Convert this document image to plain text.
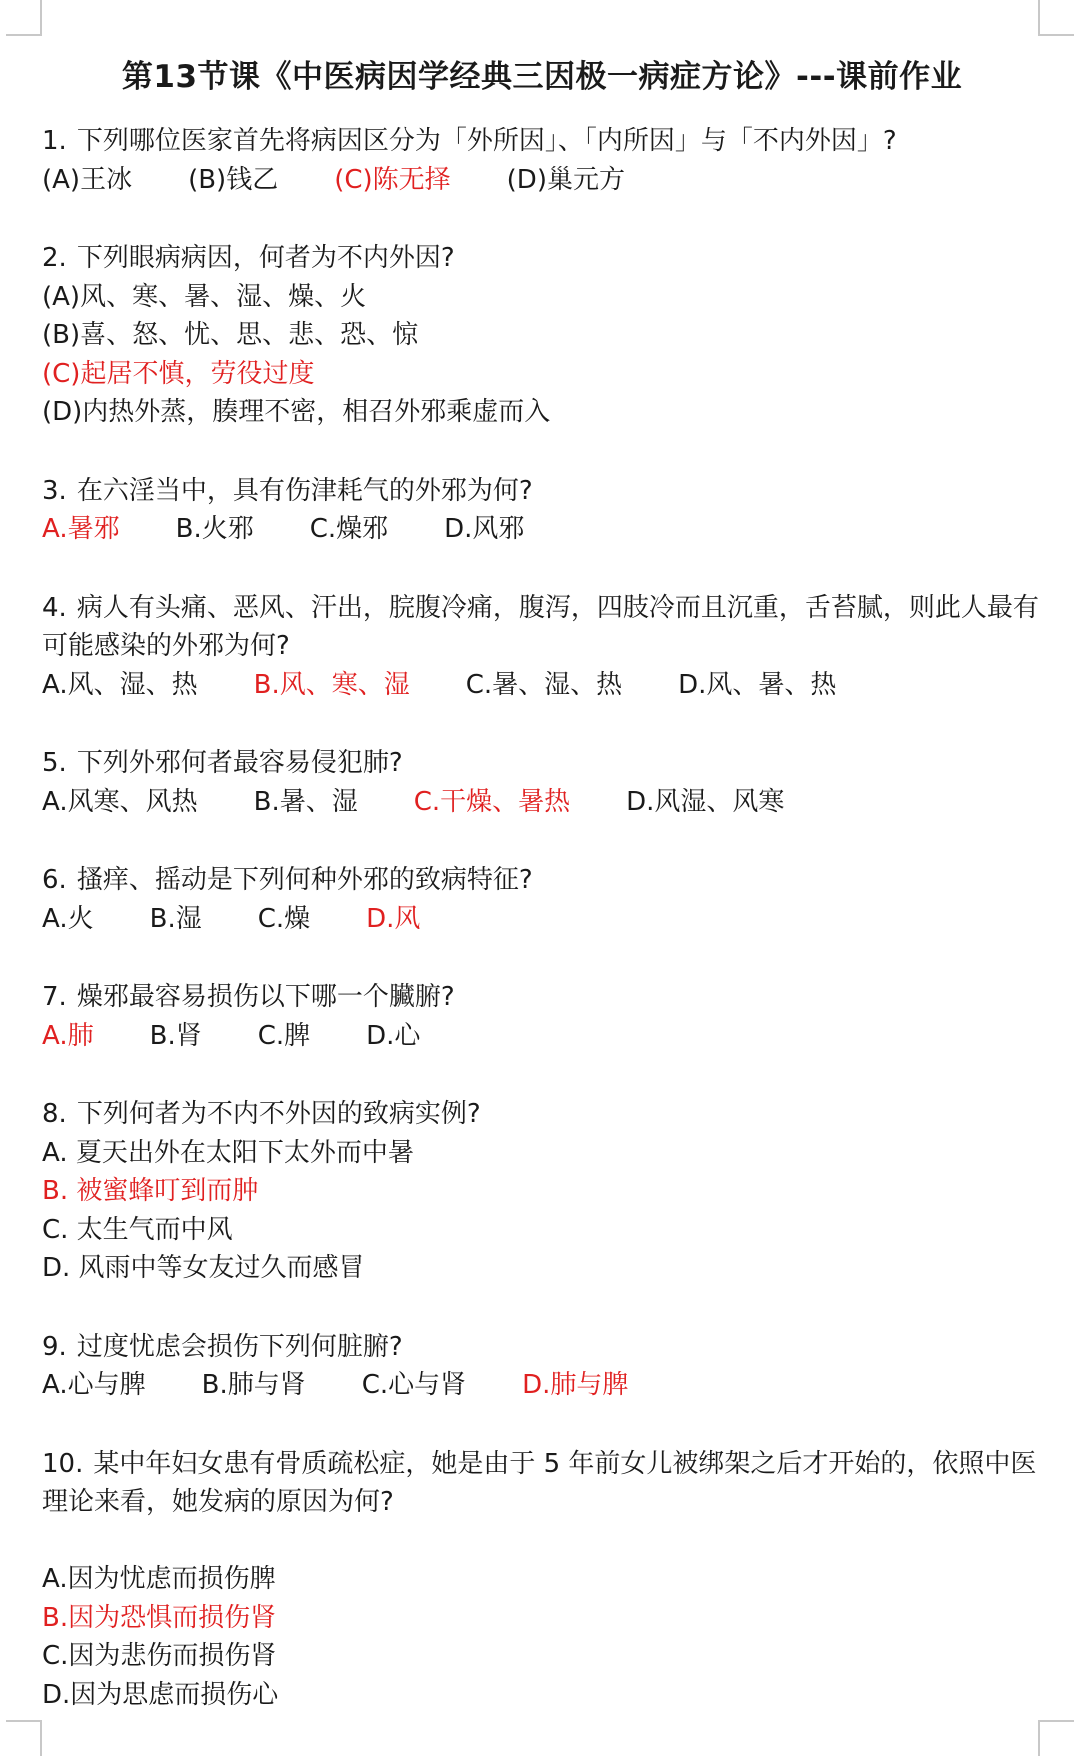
第13节课《中医病因学经典三因极一病症方论》---课前作业

1. 下列哪位医家首先将病因区分为「外所因」、「内所因」与「不内外因」?

(A)王冰 (B)钱乙 (C)陈无择 (D)巢元方

2. 下列眼病病因，何者为不内外因?

(A)风、寒、暑、湿、燥、火
(B)喜、怒、忧、思、悲、恐、惊
(C)起居不慎，劳役过度
(D)内热外蒸，腠理不密，相召外邪乘虚而入

3. 在六淫当中，具有伤津耗气的外邪为何?

A.暑邪 B.火邪 C.燥邪 D.风邪

4. 病人有头痛、恶风、汗出，脘腹冷痛，腹泻，四肢冷而且沉重，舌苔腻，则此人最有可能感染的外邪为何?

A.风、湿、热 B.风、寒、湿 C.暑、湿、热 D.风、暑、热

5. 下列外邪何者最容易侵犯肺?

A.风寒、风热 B.暑、湿 C.干燥、暑热 D.风湿、风寒

6. 搔痒、摇动是下列何种外邪的致病特征?

A.火 B.湿 C.燥 D.风

7. 燥邪最容易损伤以下哪一个臟腑?

A.肺 B.肾 C.脾 D.心

8. 下列何者为不内不外因的致病实例?

A. 夏天出外在太阳下太外而中暑
B. 被蜜蜂叮到而肿
C. 太生气而中风
D. 风雨中等女友过久而感冒

9. 过度忧虑会损伤下列何脏腑?

A.心与脾 B.肺与肾 C.心与肾 D.肺与脾

10. 某中年妇女患有骨质疏松症，她是由于 5 年前女儿被绑架之后才开始的，依照中医理论来看，她发病的原因为何?

A.因为忧虑而损伤脾
B.因为恐惧而损伤肾
C.因为悲伤而损伤肾
D.因为思虑而损伤心
